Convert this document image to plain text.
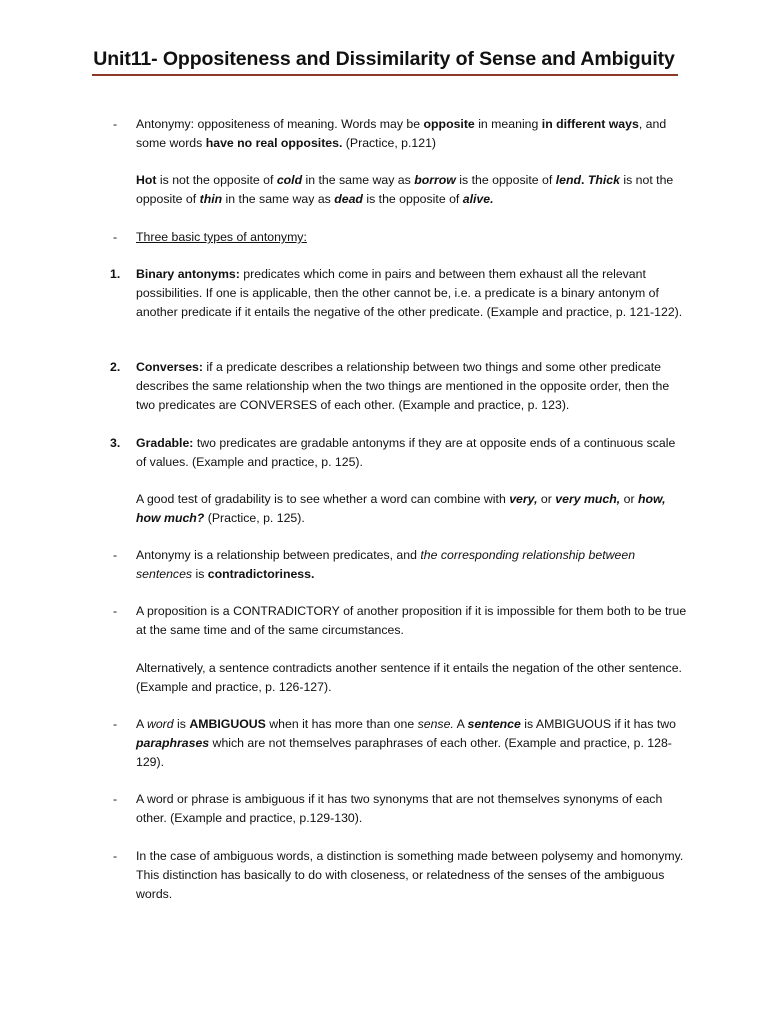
Unit11- Oppositeness and Dissimilarity of Sense and Ambiguity
- Antonymy: oppositeness of meaning. Words may be opposite in meaning in different ways, and some words have no real opposites. (Practice, p.121)
Hot is not the opposite of cold in the same way as borrow is the opposite of lend. Thick is not the opposite of thin in the same way as dead is the opposite of alive.
- Three basic types of antonymy:
1. Binary antonyms: predicates which come in pairs and between them exhaust all the relevant possibilities. If one is applicable, then the other cannot be, i.e. a predicate is a binary antonym of another predicate if it entails the negative of the other predicate. (Example and practice, p. 121-122).
2. Converses: if a predicate describes a relationship between two things and some other predicate describes the same relationship when the two things are mentioned in the opposite order, then the two predicates are CONVERSES of each other. (Example and practice, p. 123).
3. Gradable: two predicates are gradable antonyms if they are at opposite ends of a continuous scale of values. (Example and practice, p. 125).
A good test of gradability is to see whether a word can combine with very, or very much, or how, how much? (Practice, p. 125).
- Antonymy is a relationship between predicates, and the corresponding relationship between sentences is contradictoriness.
- A proposition is a CONTRADICTORY of another proposition if it is impossible for them both to be true at the same time and of the same circumstances.
Alternatively, a sentence contradicts another sentence if it entails the negation of the other sentence. (Example and practice, p. 126-127).
- A word is AMBIGUOUS when it has more than one sense. A sentence is AMBIGUOUS if it has two paraphrases which are not themselves paraphrases of each other. (Example and practice, p. 128-129).
- A word or phrase is ambiguous if it has two synonyms that are not themselves synonyms of each other. (Example and practice, p.129-130).
- In the case of ambiguous words, a distinction is something made between polysemy and homonymy. This distinction has basically to do with closeness, or relatedness of the senses of the ambiguous words.
